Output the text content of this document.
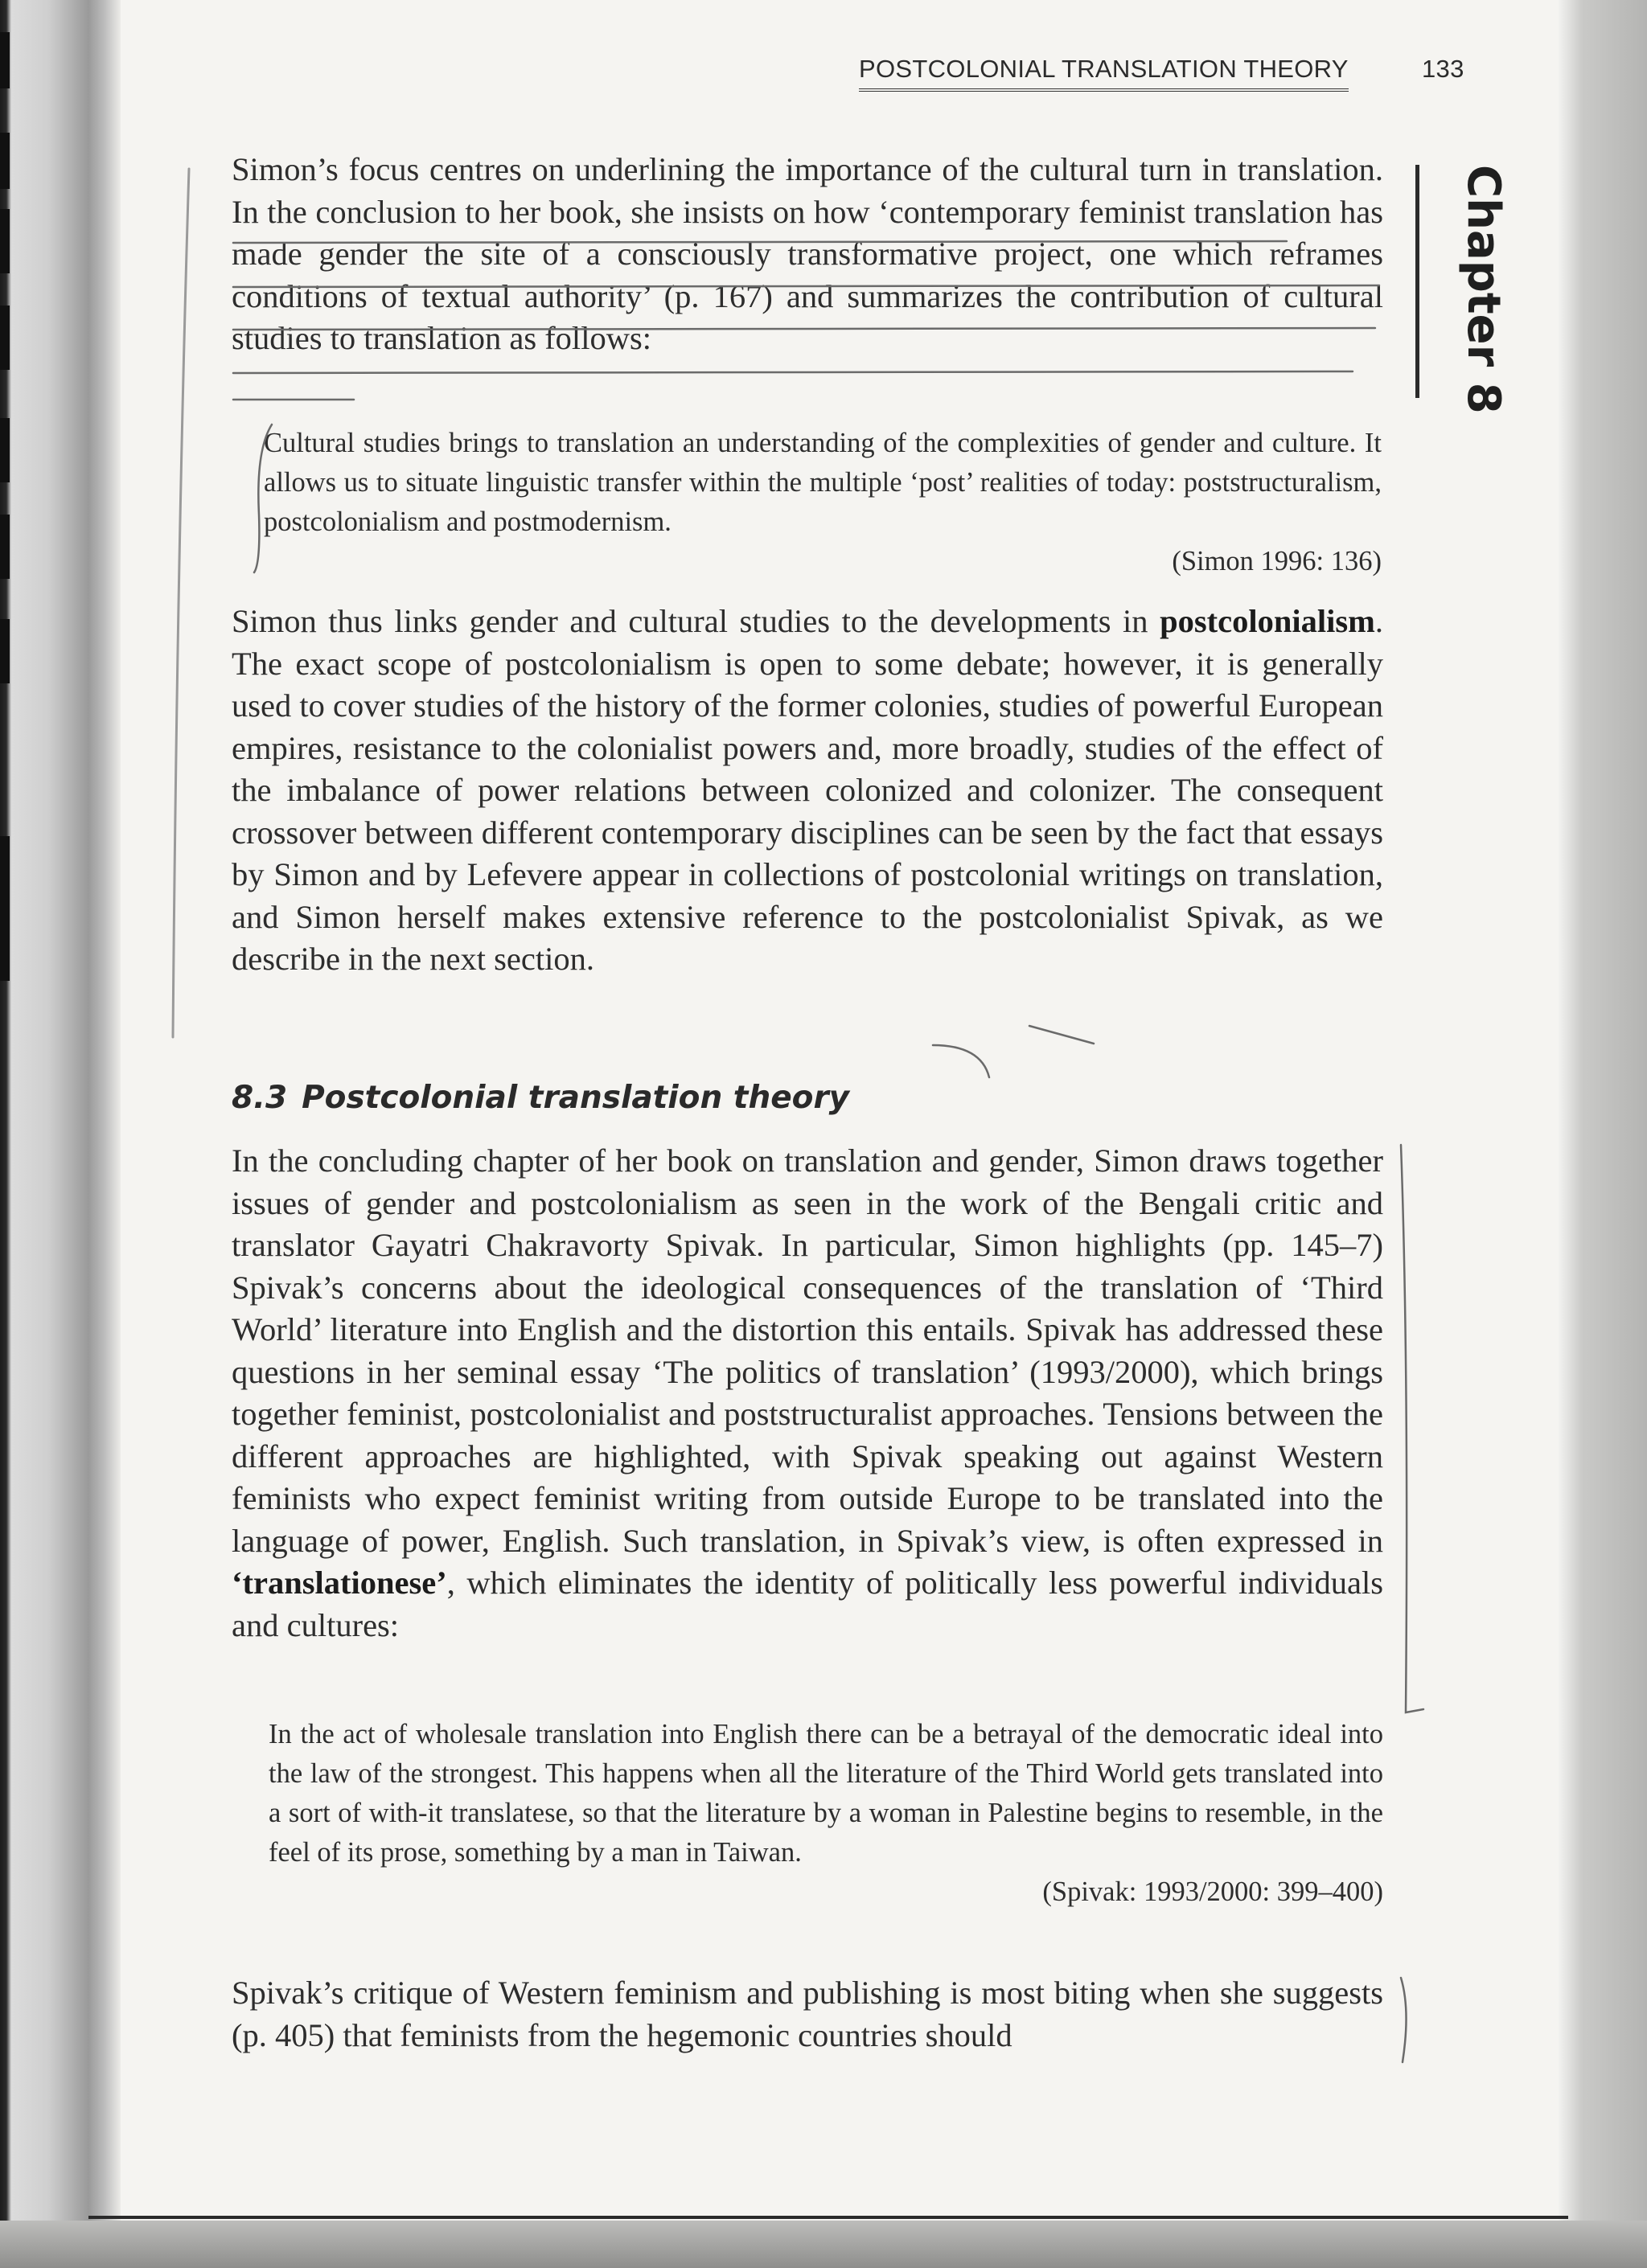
POSTCOLONIAL TRANSLATION THEORY	133
Chapter 8

Simon’s focus centres on underlining the importance of the cultural turn in translation. In the conclusion to her book, she insists on how ‘contemporary feminist translation has made gender the site of a consciously transformative project, one which reframes conditions of textual authority’ (p. 167) and summarizes the contribution of cultural studies to translation as follows:

Cultural studies brings to translation an understanding of the complexities of gender and culture. It allows us to situate linguistic transfer within the multiple ‘post’ realities of today: poststructuralism, postcolonialism and postmodernism.
(Simon 1996: 136)

Simon thus links gender and cultural studies to the developments in postcolonialism. The exact scope of postcolonialism is open to some debate; however, it is generally used to cover studies of the history of the former colonies, studies of powerful European empires, resistance to the colonialist powers and, more broadly, studies of the effect of the imbalance of power relations between colonized and colonizer. The consequent crossover between different contemporary disciplines can be seen by the fact that essays by Simon and by Lefevere appear in collections of postcolonial writings on translation, and Simon herself makes extensive reference to the postcolonialist Spivak, as we describe in the next section.

8.3 Postcolonial translation theory

In the concluding chapter of her book on translation and gender, Simon draws together issues of gender and postcolonialism as seen in the work of the Bengali critic and translator Gayatri Chakravorty Spivak. In particular, Simon highlights (pp. 145–7) Spivak’s concerns about the ideological consequences of the translation of ‘Third World’ literature into English and the distortion this entails. Spivak has addressed these questions in her seminal essay ‘The politics of translation’ (1993/2000), which brings together feminist, postcolonialist and poststructuralist approaches. Tensions between the different approaches are highlighted, with Spivak speaking out against Western feminists who expect feminist writing from outside Europe to be translated into the language of power, English. Such translation, in Spivak’s view, is often expressed in ‘translationese’, which eliminates the identity of politically less powerful individuals and cultures:

In the act of wholesale translation into English there can be a betrayal of the democratic ideal into the law of the strongest. This happens when all the literature of the Third World gets translated into a sort of with-it translatese, so that the literature by a woman in Palestine begins to resemble, in the feel of its prose, something by a man in Taiwan.
(Spivak: 1993/2000: 399–400)

Spivak’s critique of Western feminism and publishing is most biting when she suggests (p. 405) that feminists from the hegemonic countries should
